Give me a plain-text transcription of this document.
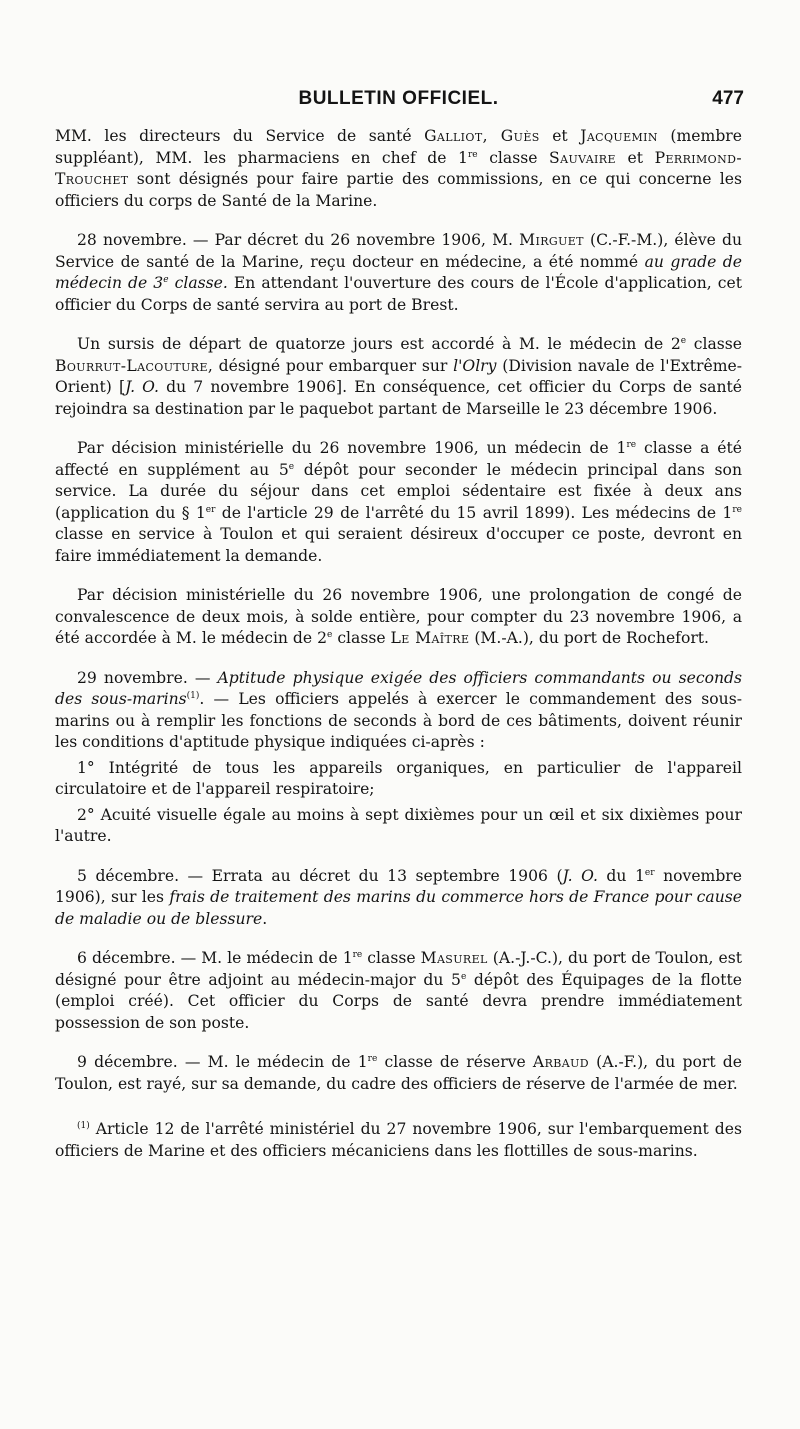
BULLETIN OFFICIEL.	477

MM. les directeurs du Service de santé Galliot, Guès et Jacquemin (membre suppléant), MM. les pharmaciens en chef de 1re classe Sauvaire et Perrimond-Trouchet sont désignés pour faire partie des commissions, en ce qui concerne les officiers du corps de Santé de la Marine.

28 novembre. — Par décret du 26 novembre 1906, M. Mirguet (C.-F.-M.), élève du Service de santé de la Marine, reçu docteur en médecine, a été nommé au grade de médecin de 3e classe. En attendant l'ouverture des cours de l'École d'application, cet officier du Corps de santé servira au port de Brest.

Un sursis de départ de quatorze jours est accordé à M. le médecin de 2e classe Bourrut-Lacouture, désigné pour embarquer sur l'Olry (Division navale de l'Extrême-Orient) [J. O. du 7 novembre 1906]. En conséquence, cet officier du Corps de santé rejoindra sa destination par le paquebot partant de Marseille le 23 décembre 1906.

Par décision ministérielle du 26 novembre 1906, un médecin de 1re classe a été affecté en supplément au 5e dépôt pour seconder le médecin principal dans son service. La durée du séjour dans cet emploi sédentaire est fixée à deux ans (application du § 1er de l'article 29 de l'arrêté du 15 avril 1899). Les médecins de 1re classe en service à Toulon et qui seraient désireux d'occuper ce poste, devront en faire immédiatement la demande.

Par décision ministérielle du 26 novembre 1906, une prolongation de congé de convalescence de deux mois, à solde entière, pour compter du 23 novembre 1906, a été accordée à M. le médecin de 2e classe Le Maître (M.-A.), du port de Rochefort.

29 novembre. — Aptitude physique exigée des officiers commandants ou seconds des sous-marins$^{(1)}$. — Les officiers appelés à exercer le commandement des sous-marins ou à remplir les fonctions de seconds à bord de ces bâtiments, doivent réunir les conditions d'aptitude physique indiquées ci-après :

1° Intégrité de tous les appareils organiques, en particulier de l'appareil circulatoire et de l'appareil respiratoire;

2° Acuité visuelle égale au moins à sept dixièmes pour un œil et six dixièmes pour l'autre.

5 décembre. — Errata au décret du 13 septembre 1906 (J. O. du 1er novembre 1906), sur les frais de traitement des marins du commerce hors de France pour cause de maladie ou de blessure.

6 décembre. — M. le médecin de 1re classe Masurel (A.-J.-C.), du port de Toulon, est désigné pour être adjoint au médecin-major du 5e dépôt des Équipages de la flotte (emploi créé). Cet officier du Corps de santé devra prendre immédiatement possession de son poste.

9 décembre. — M. le médecin de 1re classe de réserve Arbaud (A.-F.), du port de Toulon, est rayé, sur sa demande, du cadre des officiers de réserve de l'armée de mer.

$^{(1)}$ Article 12 de l'arrêté ministériel du 27 novembre 1906, sur l'embarquement des officiers de Marine et des officiers mécaniciens dans les flottilles de sous-marins.
